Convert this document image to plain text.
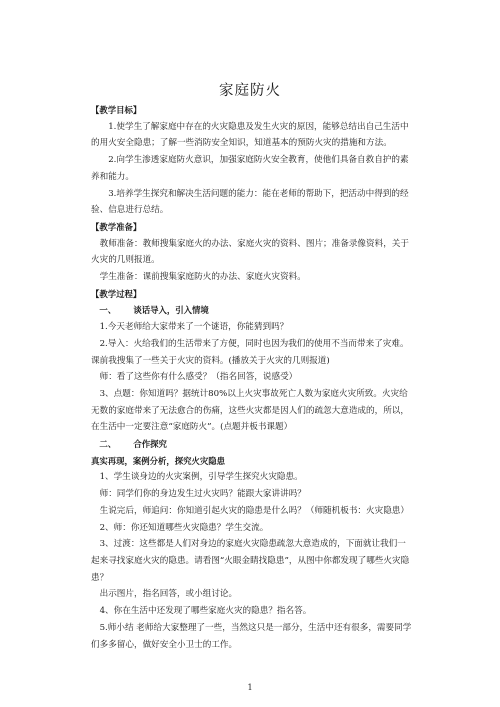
家庭防火

【教学目标】

1.使学生了解家庭中存在的火灾隐患及发生火灾的原因，能够总结出自己生活中的用火安全隐患；了解一些消防安全知识，知道基本的预防火灾的措施和方法。

2.向学生渗透家庭防火意识，加强家庭防火安全教育，使他们具备自救自护的素养和能力。

3.培养学生探究和解决生活问题的能力：能在老师的帮助下，把活动中得到的经验、信息进行总结。

【教学准备】

教师准备：教师搜集家庭火的办法、家庭火灾的资料、图片；准备录像资料，关于火灾的几则报道。

学生准备：课前搜集家庭防火的办法、家庭火灾资料。

【教学过程】

一、 谈话导入，引入情境

1.今天老师给大家带来了一个谜语，你能猜到吗？

2.导入：火给我们的生活带来了方便，同时也因为我们的使用不当而带来了灾难。课前我搜集了一些关于火灾的资料。(播放关于火灾的几则报道)

师：看了这些你有什么感受？（指名回答，说感受）

3、点题：你知道吗？据统计80%以上火灾事故死亡人数为家庭火灾所致。火灾给无数的家庭带来了无法愈合的伤痛，这些火灾都是因人们的疏忽大意造成的，所以，在生活中一定要注意“家庭防火”。(点题并板书课题）

二、 合作探究

真实再现，案例分析，探究火灾隐患

1、学生谈身边的火灾案例，引导学生探究火灾隐患。

师：同学们你的身边发生过火灾吗？能跟大家讲讲吗？

生说完后，师追问：你知道引起火灾的隐患是什么吗？（师随机板书：火灾隐患）

2、师：你还知道哪些火灾隐患？学生交流。

3、过渡：这些都是人们对身边的家庭火灾隐患疏忽大意造成的，下面就让我们一起来寻找家庭火灾的隐患。请看图“火眼金睛找隐患”，从图中你都发现了哪些火灾隐患？

出示图片，指名回答，或小组讨论。

4、你在生活中还发现了哪些家庭火灾的隐患？指名答。

5.师小结 老师给大家整理了一些，当然这只是一部分，生活中还有很多，需要同学们多多留心，做好安全小卫士的工作。

1
